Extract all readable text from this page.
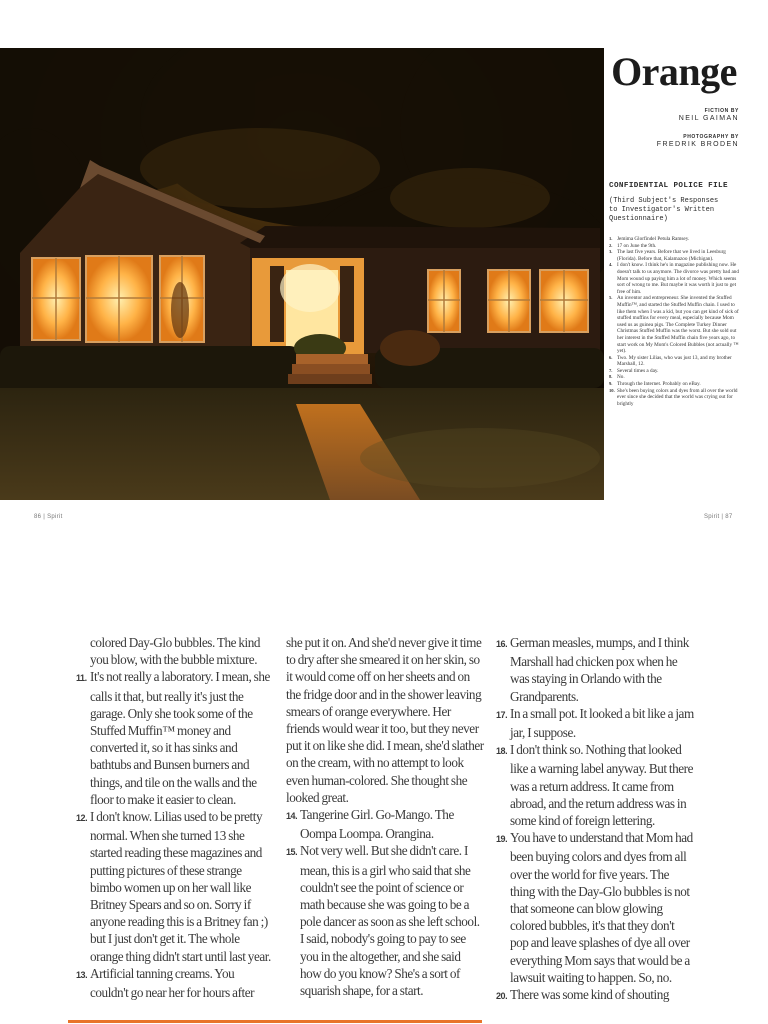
Orange
FICTION BY
NEIL GAIMAN
PHOTOGRAPHY BY
FREDRIK BRODEN
CONFIDENTIAL POLICE FILE
(Third Subject's Responses
to Investigator's Written
Questionnaire)
1. Jemima Glorfindel Petula Ramsey.
2. 17 on June the 9th.
3. The last five years. Before that we lived in Leesburg (Florida). Before that, Kalamazoo (Michigan).
4. I don't know. I think he's in magazine publishing now. He doesn't talk to us anymore. The divorce was pretty bad and Mom wound up paying him a lot of money. Which seems sort of wrong to me. But maybe it was worth it just to get free of him.
5. An inventor and entrepreneur. She invented the Stuffed Muffin™, and started the Stuffed Muffin chain. I used to like them when I was a kid, but you can get kind of sick of stuffed muffins for every meal, especially because Mom used us as guinea pigs. The Complete Turkey Dinner Christmas Stuffed Muffin was the worst. But she sold out her interest in the Stuffed Muffin chain five years ago, to start work on My Mom's Colored Bubbles (not actually ™ yet).
6. Two. My sister Lilias, who was just 13, and my brother Marshall, 12.
7. Several times a day.
8. No.
9. Through the Internet. Probably on eBay.
10. She's been buying colors and dyes from all over the world ever since she decided that the world was crying out for brightly
86 | Spirit	Spirit | 87

colored Day-Glo bubbles. The kind you blow, with the bubble mixture.

11. It's not really a laboratory. I mean, she calls it that, but really it's just the garage. Only she took some of the Stuffed Muffin™ money and converted it, so it has sinks and bathtubs and Bunsen burners and things, and tile on the walls and the floor to make it easier to clean.

12. I don't know. Lilias used to be pretty normal. When she turned 13 she started reading these magazines and putting pictures of these strange bimbo women up on her wall like Britney Spears and so on. Sorry if anyone reading this is a Britney fan ;) but I just don't get it. The whole orange thing didn't start until last year.

13. Artificial tanning creams. You couldn't go near her for hours after

she put it on. And she'd never give it time to dry after she smeared it on her skin, so it would come off on her sheets and on the fridge door and in the shower leaving smears of orange everywhere. Her friends would wear it too, but they never put it on like she did. I mean, she'd slather on the cream, with no attempt to look even human-colored. She thought she looked great.

14. Tangerine Girl. Go-Mango. The Oompa Loompa. Orangina.

15. Not very well. But she didn't care. I mean, this is a girl who said that she couldn't see the point of science or math because she was going to be a pole dancer as soon as she left school. I said, nobody's going to pay to see you in the altogether, and she said how do you know? She's a sort of squarish shape, for a start.

16. German measles, mumps, and I think Marshall had chicken pox when he was staying in Orlando with the Grandparents.

17. In a small pot. It looked a bit like a jam jar, I suppose.

18. I don't think so. Nothing that looked like a warning label anyway. But there was a return address. It came from abroad, and the return address was in some kind of foreign lettering.

19. You have to understand that Mom had been buying colors and dyes from all over the world for five years. The thing with the Day-Glo bubbles is not that someone can blow glowing colored bubbles, it's that they don't pop and leave splashes of dye all over everything Mom says that would be a lawsuit waiting to happen. So, no.

20. There was some kind of shouting
